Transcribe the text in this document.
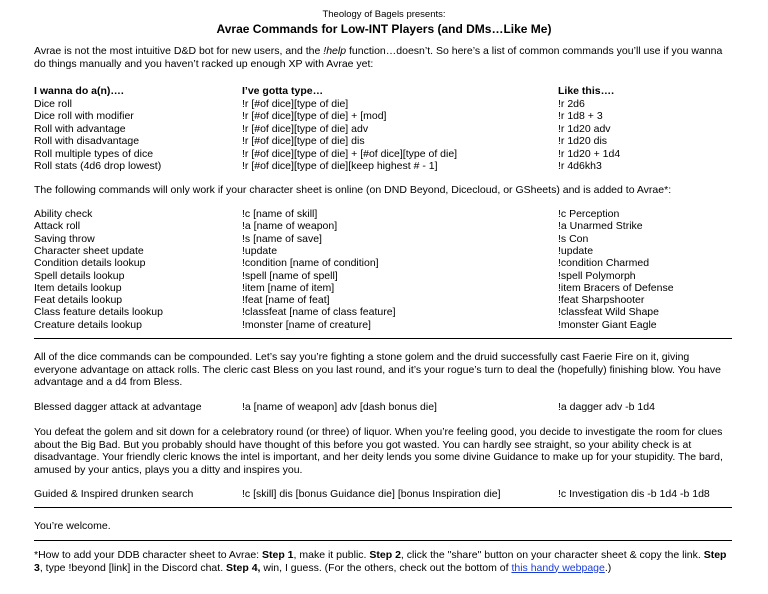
Theology of Bagels presents:
Avrae Commands for Low-INT Players (and DMs…Like Me)
Avrae is not the most intuitive D&D bot for new users, and the !help function…doesn’t. So here’s a list of common commands you’ll use if you wanna do things manually and you haven’t racked up enough XP with Avrae yet:
I wanna do a(n)….	I’ve gotta type…	Like this….
Dice roll	!r [#of dice][type of die]	!r 2d6
Dice roll with modifier	!r [#of dice][type of die] + [mod]	!r 1d8 + 3
Roll with advantage	!r [#of dice][type of die] adv	!r 1d20 adv
Roll with disadvantage	!r [#of dice][type of die] dis	!r 1d20 dis
Roll multiple types of dice	!r [#of dice][type of die] + [#of dice][type of die]	!r 1d20 + 1d4
Roll stats (4d6 drop lowest)	!r [#of dice][type of die][keep highest # - 1]	!r 4d6kh3
The following commands will only work if your character sheet is online (on DND Beyond, Dicecloud, or GSheets) and is added to Avrae*:
Ability check	!c [name of skill]	!c Perception
Attack roll	!a [name of weapon]	!a Unarmed Strike
Saving throw	!s [name of save]	!s Con
Character sheet update	!update	!update
Condition details lookup	!condition [name of condition]	!condition Charmed
Spell details lookup	!spell [name of spell]	!spell Polymorph
Item details lookup	!item [name of item]	!item Bracers of Defense
Feat details lookup	!feat [name of feat]	!feat Sharpshooter
Class feature details lookup	!classfeat [name of class feature]	!classfeat Wild Shape
Creature details lookup	!monster [name of creature]	!monster Giant Eagle
All of the dice commands can be compounded. Let’s say you’re fighting a stone golem and the druid successfully cast Faerie Fire on it, giving everyone advantage on attack rolls. The cleric cast Bless on you last round, and it’s your rogue’s turn to deal the (hopefully) finishing blow. You have advantage and a d4 from Bless.
Blessed dagger attack at advantage	!a [name of weapon] adv [dash bonus die]	!a dagger adv -b 1d4
You defeat the golem and sit down for a celebratory round (or three) of liquor. When you’re feeling good, you decide to investigate the room for clues about the Big Bad. But you probably should have thought of this before you got wasted. You can hardly see straight, so your ability check is at disadvantage. Your friendly cleric knows the intel is important, and her deity lends you some divine Guidance to make up for your stupidity. The bard, amused by your antics, plays you a ditty and inspires you.
Guided & Inspired drunken search	!c [skill] dis [bonus Guidance die] [bonus Inspiration die]	!c Investigation dis -b 1d4 -b 1d8
You’re welcome.
*How to add your DDB character sheet to Avrae: Step 1, make it public. Step 2, click the "share" button on your character sheet & copy the link. Step 3, type !beyond [link] in the Discord chat. Step 4, win, I guess. (For the others, check out the bottom of this handy webpage.)
